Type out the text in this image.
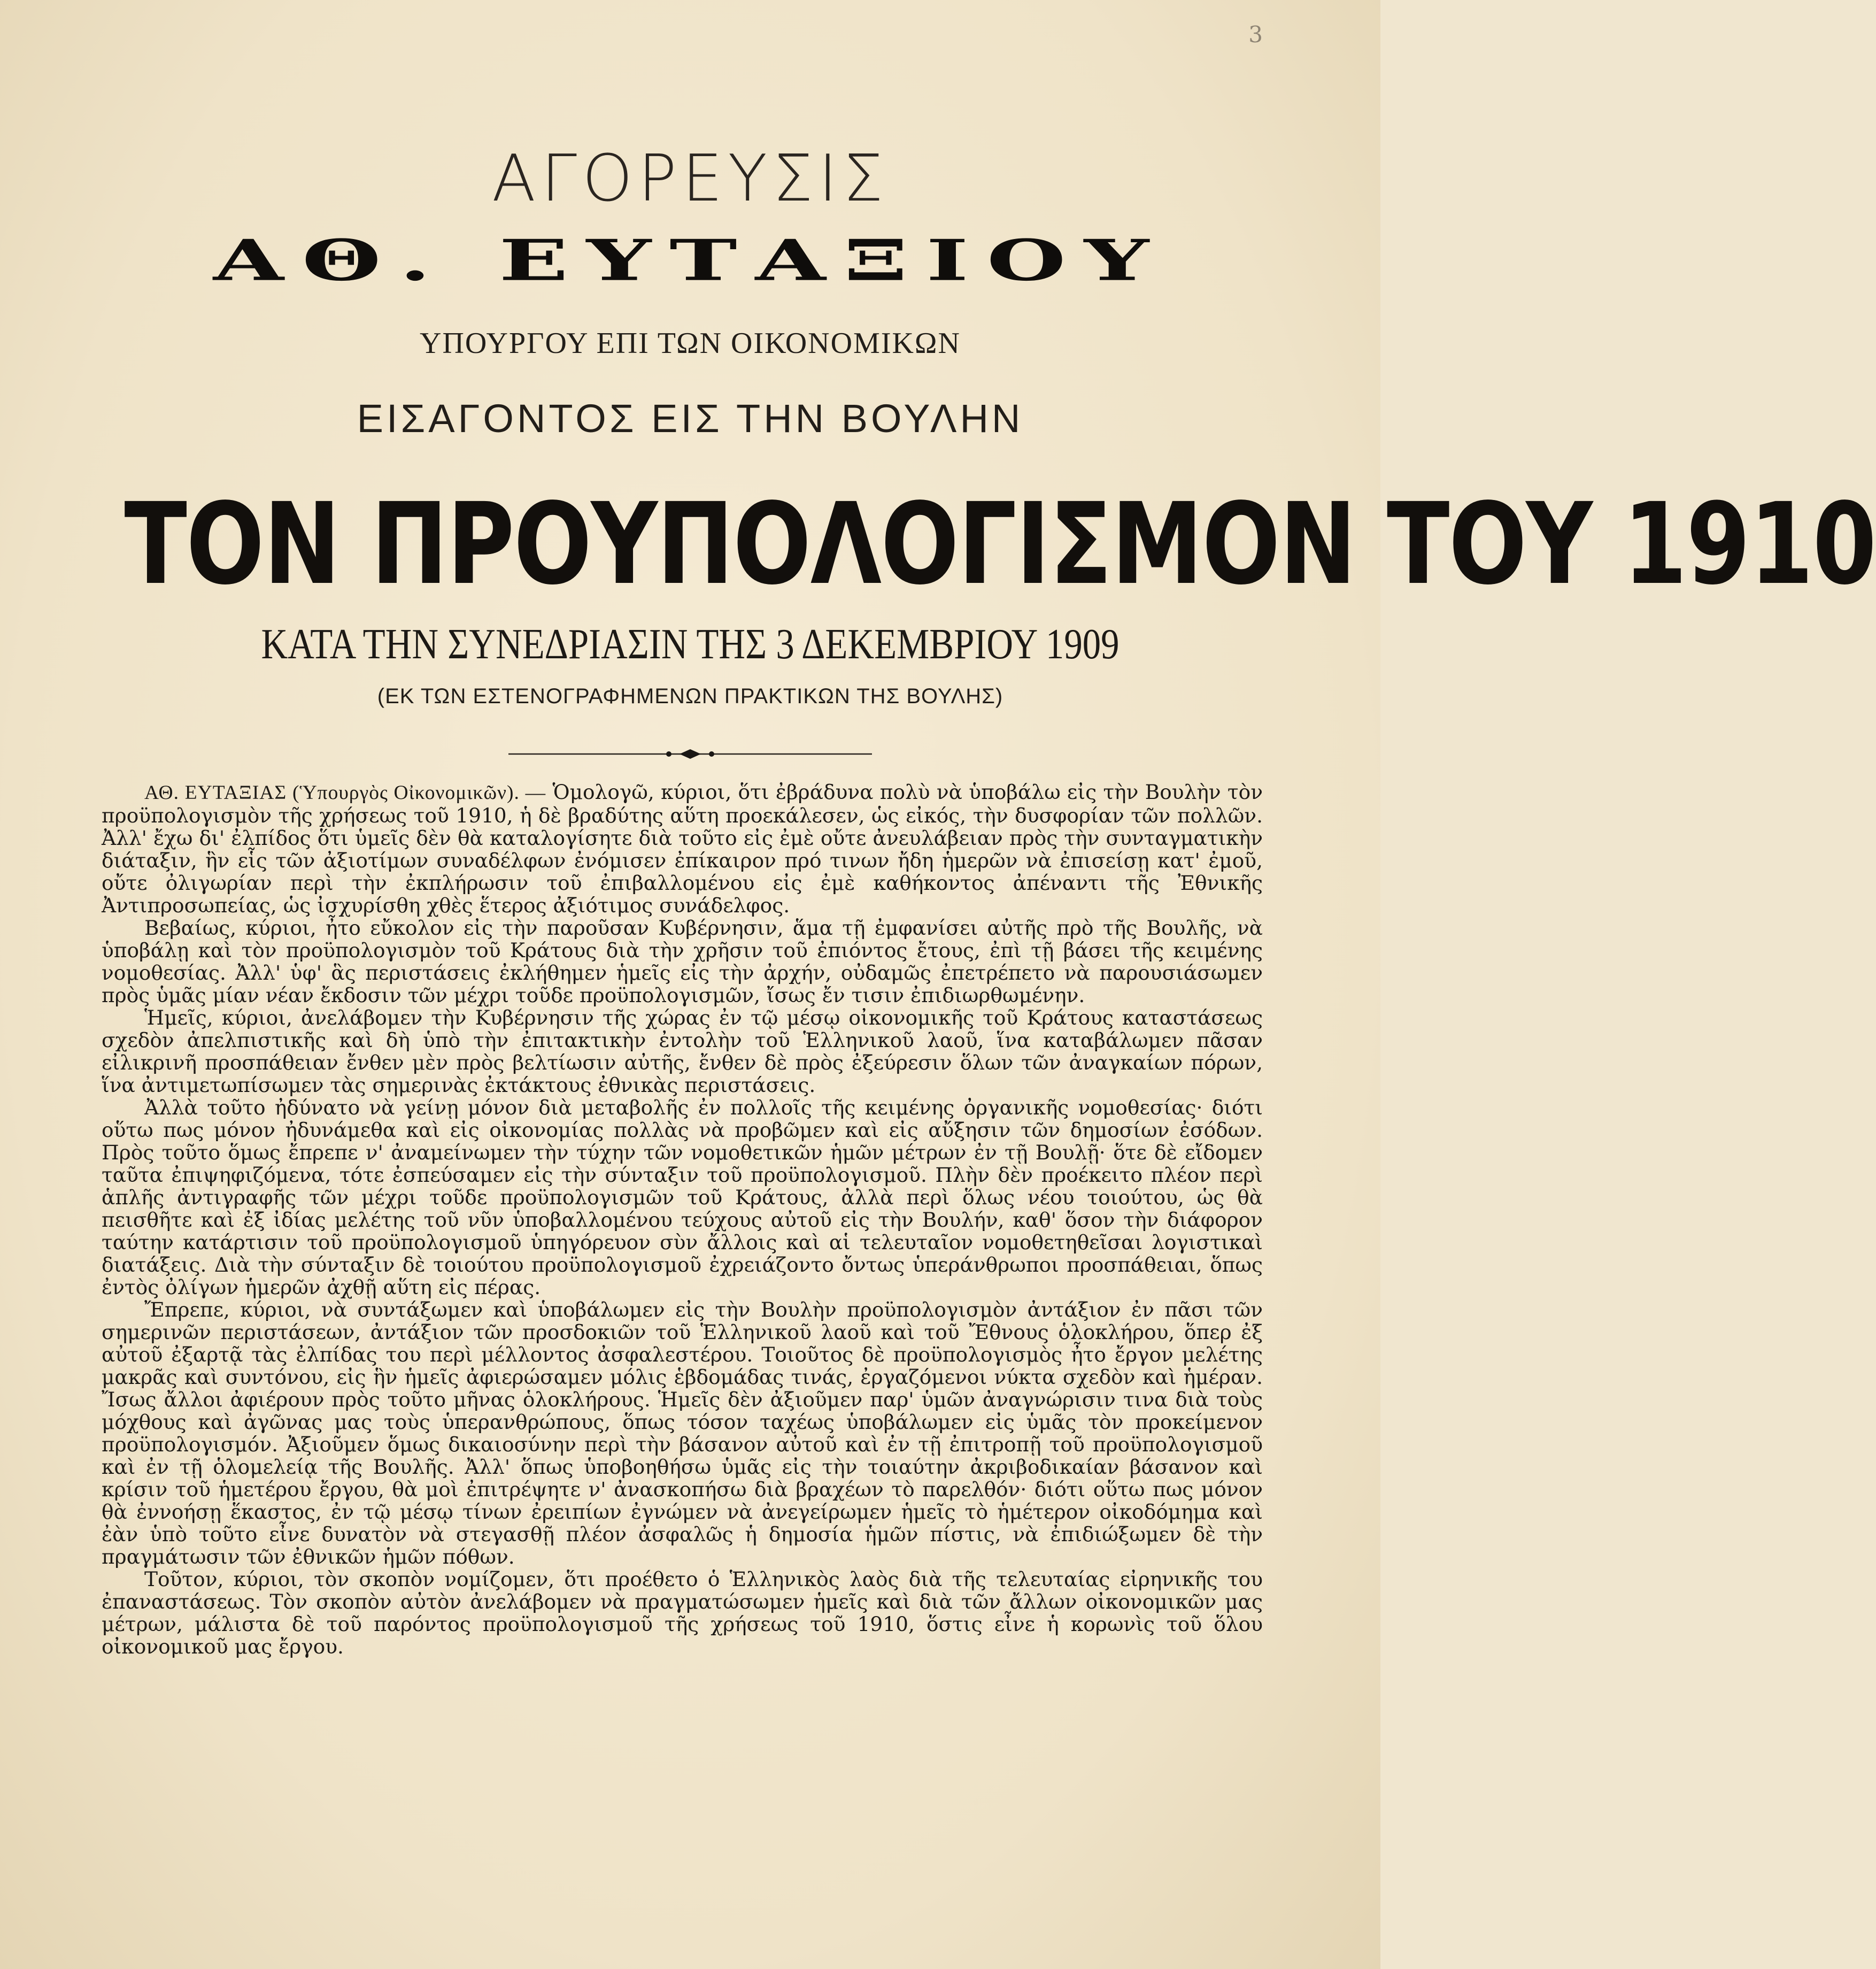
3
ΑΓΟΡΕΥΣΙΣ
ΑΘ. ΕΥΤΑΞΙΟΥ
ΥΠΟΥΡΓΟΥ ΕΠΙ ΤΩΝ ΟΙΚΟΝΟΜΙΚΩΝ
ΕΙΣΑΓΟΝΤΟΣ ΕΙΣ ΤΗΝ ΒΟΥΛΗΝ
ΤΟΝ ΠΡΟΥΠΟΛΟΓΙΣΜΟΝ ΤΟΥ 1910
ΚΑΤΑ ΤΗΝ ΣΥΝΕΔΡΙΑΣΙΝ ΤΗΣ 3 ΔΕΚΕΜΒΡΙΟΥ 1909
(ΕΚ ΤΩΝ ΕΣΤΕΝΟΓΡΑΦΗΜΕΝΩΝ ΠΡΑΚΤΙΚΩΝ ΤΗΣ ΒΟΥΛΗΣ)

ΑΘ. ΕΥΤΑΞΙΑΣ (Ὑπουργὸς Οἰκονομικῶν). — Ὁμολογῶ, κύριοι, ὅτι ἐβράδυνα πολὺ νὰ ὑποβάλω εἰς τὴν Βουλὴν τὸν προϋπολογισμὸν τῆς χρήσεως τοῦ 1910, ἡ δὲ βραδύτης αὕτη προεκάλεσεν, ὡς εἰκός, τὴν δυσφορίαν τῶν πολλῶν. Ἀλλ' ἔχω δι' ἐλπίδος ὅτι ὑμεῖς δὲν θὰ καταλογίσητε διὰ τοῦτο εἰς ἐμὲ οὔτε ἀνευλάβειαν πρὸς τὴν συνταγματικὴν διάταξιν, ἣν εἷς τῶν ἀξιοτίμων συναδέλφων ἐνόμισεν ἐπίκαιρον πρό τινων ἤδη ἡμερῶν νὰ ἐπισείσῃ κατ' ἐμοῦ, οὔτε ὀλιγωρίαν περὶ τὴν ἐκπλήρωσιν τοῦ ἐπιβαλλομένου εἰς ἐμὲ καθήκοντος ἀπέναντι τῆς Ἐθνικῆς Ἀντιπροσωπείας, ὡς ἰσχυρίσθη χθὲς ἕτερος ἀξιότιμος συνάδελφος.

Βεβαίως, κύριοι, ἦτο εὔκολον εἰς τὴν παροῦσαν Κυβέρνησιν, ἅμα τῇ ἐμφανίσει αὐτῆς πρὸ τῆς Βουλῆς, νὰ ὑποβάλῃ καὶ τὸν προϋπολογισμὸν τοῦ Κράτους διὰ τὴν χρῆσιν τοῦ ἐπιόντος ἔτους, ἐπὶ τῇ βάσει τῆς κειμένης νομοθεσίας. Ἀλλ' ὑφ' ἃς περιστάσεις ἐκλήθημεν ἡμεῖς εἰς τὴν ἀρχήν, οὐδαμῶς ἐπετρέπετο νὰ παρουσιάσωμεν πρὸς ὑμᾶς μίαν νέαν ἔκδοσιν τῶν μέχρι τοῦδε προϋπολογισμῶν, ἴσως ἔν τισιν ἐπιδιωρθωμένην.

Ἡμεῖς, κύριοι, ἀνελάβομεν τὴν Κυβέρνησιν τῆς χώρας ἐν τῷ μέσῳ οἰκονομικῆς τοῦ Κράτους καταστάσεως σχεδὸν ἀπελπιστικῆς καὶ δὴ ὑπὸ τὴν ἐπιτακτικὴν ἐντολὴν τοῦ Ἑλληνικοῦ λαοῦ, ἵνα καταβάλωμεν πᾶσαν εἰλικρινῆ προσπάθειαν ἔνθεν μὲν πρὸς βελτίωσιν αὐτῆς, ἔνθεν δὲ πρὸς ἐξεύρεσιν ὅλων τῶν ἀναγκαίων πόρων, ἵνα ἀντιμετωπίσωμεν τὰς σημερινὰς ἐκτάκτους ἐθνικὰς περιστάσεις.

Ἀλλὰ τοῦτο ἠδύνατο νὰ γείνῃ μόνον διὰ μεταβολῆς ἐν πολλοῖς τῆς κειμένης ὀργανικῆς νομοθεσίας· διότι οὕτω πως μόνον ἠδυνάμεθα καὶ εἰς οἰκονομίας πολλὰς νὰ προβῶμεν καὶ εἰς αὔξησιν τῶν δημοσίων ἐσόδων. Πρὸς τοῦτο ὅμως ἔπρεπε ν' ἀναμείνωμεν τὴν τύχην τῶν νομοθετικῶν ἡμῶν μέτρων ἐν τῇ Βουλῇ· ὅτε δὲ εἴδομεν ταῦτα ἐπιψηφιζόμενα, τότε ἐσπεύσαμεν εἰς τὴν σύνταξιν τοῦ προϋπολογισμοῦ. Πλὴν δὲν προέκειτο πλέον περὶ ἁπλῆς ἀντιγραφῆς τῶν μέχρι τοῦδε προϋπολογισμῶν τοῦ Κράτους, ἀλλὰ περὶ ὅλως νέου τοιούτου, ὡς θὰ πεισθῆτε καὶ ἐξ ἰδίας μελέτης τοῦ νῦν ὑποβαλλομένου τεύχους αὐτοῦ εἰς τὴν Βουλήν, καθ' ὅσον τὴν διάφορον ταύτην κατάρτισιν τοῦ προϋπολογισμοῦ ὑπηγόρευον σὺν ἄλλοις καὶ αἱ τελευταῖον νομοθετηθεῖσαι λογιστικαὶ διατάξεις. Διὰ τὴν σύνταξιν δὲ τοιούτου προϋπολογισμοῦ ἐχρειάζοντο ὄντως ὑπεράνθρωποι προσπάθειαι, ὅπως ἐντὸς ὀλίγων ἡμερῶν ἀχθῇ αὕτη εἰς πέρας.

Ἔπρεπε, κύριοι, νὰ συντάξωμεν καὶ ὑποβάλωμεν εἰς τὴν Βουλὴν προϋπολογισμὸν ἀντάξιον ἐν πᾶσι τῶν σημερινῶν περιστάσεων, ἀντάξιον τῶν προσδοκιῶν τοῦ Ἑλληνικοῦ λαοῦ καὶ τοῦ Ἔθνους ὁλοκλήρου, ὅπερ ἐξ αὐτοῦ ἐξαρτᾷ τὰς ἐλπίδας του περὶ μέλλοντος ἀσφαλεστέρου. Τοιοῦτος δὲ προϋπολογισμὸς ἦτο ἔργον μελέτης μακρᾶς καὶ συντόνου, εἰς ἣν ἡμεῖς ἀφιερώσαμεν μόλις ἑβδομάδας τινάς, ἐργαζόμενοι νύκτα σχεδὸν καὶ ἡμέραν. Ἴσως ἄλλοι ἀφιέρουν πρὸς τοῦτο μῆνας ὁλοκλήρους. Ἡμεῖς δὲν ἀξιοῦμεν παρ' ὑμῶν ἀναγνώρισιν τινα διὰ τοὺς μόχθους καὶ ἀγῶνας μας τοὺς ὑπερανθρώπους, ὅπως τόσον ταχέως ὑποβάλωμεν εἰς ὑμᾶς τὸν προκείμενον προϋπολογισμόν. Ἀξιοῦμεν ὅμως δικαιοσύνην περὶ τὴν βάσανον αὐτοῦ καὶ ἐν τῇ ἐπιτροπῇ τοῦ προϋπολογισμοῦ καὶ ἐν τῇ ὁλομελείᾳ τῆς Βουλῆς. Ἀλλ' ὅπως ὑποβοηθήσω ὑμᾶς εἰς τὴν τοιαύτην ἀκριβοδικαίαν βάσανον καὶ κρίσιν τοῦ ἡμετέρου ἔργου, θὰ μοὶ ἐπιτρέψητε ν' ἀνασκοπήσω διὰ βραχέων τὸ παρελθόν· διότι οὕτω πως μόνον θὰ ἐννοήσῃ ἕκαστος, ἐν τῷ μέσῳ τίνων ἐρειπίων ἐγνώμεν νὰ ἀνεγείρωμεν ἡμεῖς τὸ ἡμέτερον οἰκοδόμημα καὶ ἐὰν ὑπὸ τοῦτο εἶνε δυνατὸν νὰ στεγασθῇ πλέον ἀσφαλῶς ἡ δημοσία ἡμῶν πίστις, νὰ ἐπιδιώξωμεν δὲ τὴν πραγμάτωσιν τῶν ἐθνικῶν ἡμῶν πόθων.

Τοῦτον, κύριοι, τὸν σκοπὸν νομίζομεν, ὅτι προέθετο ὁ Ἑλληνικὸς λαὸς διὰ τῆς τελευταίας εἰρηνικῆς του ἐπαναστάσεως. Τὸν σκοπὸν αὐτὸν ἀνελάβομεν νὰ πραγματώσωμεν ἡμεῖς καὶ διὰ τῶν ἄλλων οἰκονομικῶν μας μέτρων, μάλιστα δὲ τοῦ παρόντος προϋπολογισμοῦ τῆς χρήσεως τοῦ 1910, ὅστις εἶνε ἡ κορωνὶς τοῦ ὅλου οἰκονομικοῦ μας ἔργου.
